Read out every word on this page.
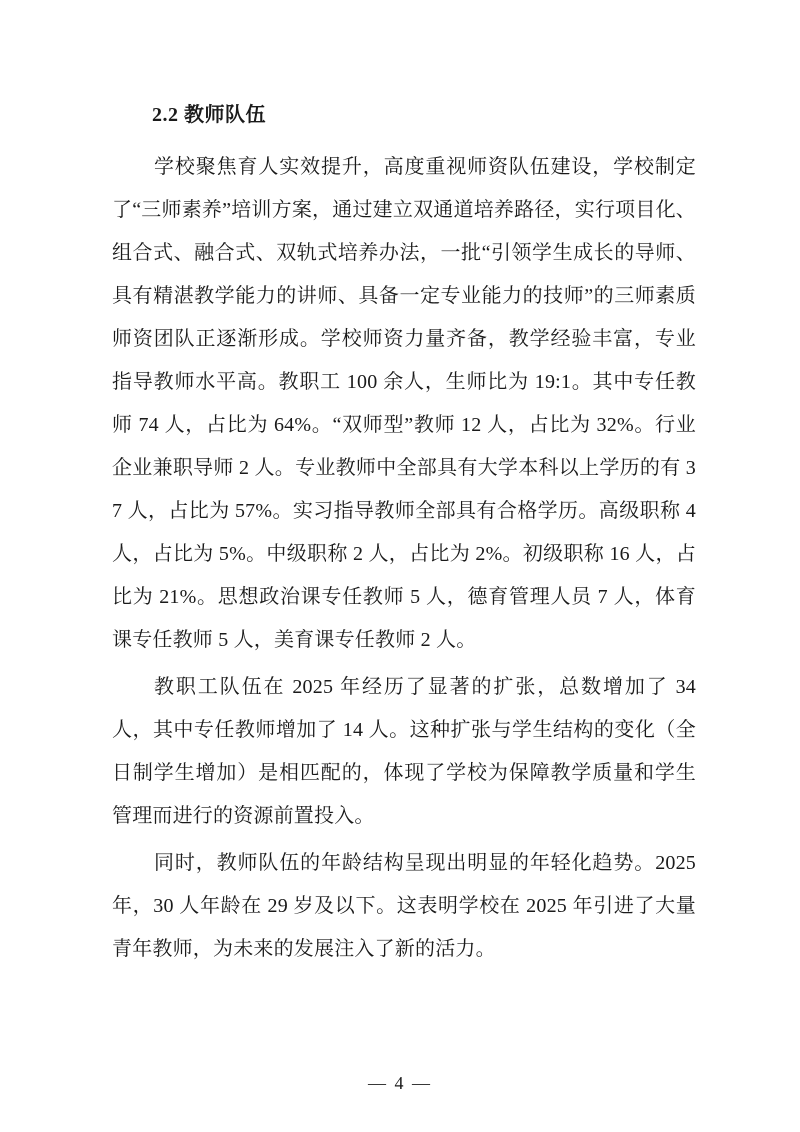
2.2 教师队伍

学校聚焦育人实效提升，高度重视师资队伍建设，学校制定了“三师素养”培训方案，通过建立双通道培养路径，实行项目化、组合式、融合式、双轨式培养办法，一批“引领学生成长的导师、具有精湛教学能力的讲师、具备一定专业能力的技师”的三师素质师资团队正逐渐形成。学校师资力量齐备，教学经验丰富，专业指导教师水平高。教职工 100 余人，生师比为 19:1。其中专任教师 74 人，占比为 64%。“双师型”教师 12 人，占比为 32%。行业企业兼职导师 2 人。专业教师中全部具有大学本科以上学历的有 37 人，占比为 57%。实习指导教师全部具有合格学历。高级职称 4 人，占比为 5%。中级职称 2 人，占比为 2%。初级职称 16 人，占比为 21%。思想政治课专任教师 5 人，德育管理人员 7 人，体育课专任教师 5 人，美育课专任教师 2 人。

教职工队伍在 2025 年经历了显著的扩张，总数增加了 34 人，其中专任教师增加了 14 人。这种扩张与学生结构的变化（全日制学生增加）是相匹配的，体现了学校为保障教学质量和学生管理而进行的资源前置投入。

同时，教师队伍的年龄结构呈现出明显的年轻化趋势。2025 年，30 人年龄在 29 岁及以下。这表明学校在 2025 年引进了大量青年教师，为未来的发展注入了新的活力。

— 4 —
